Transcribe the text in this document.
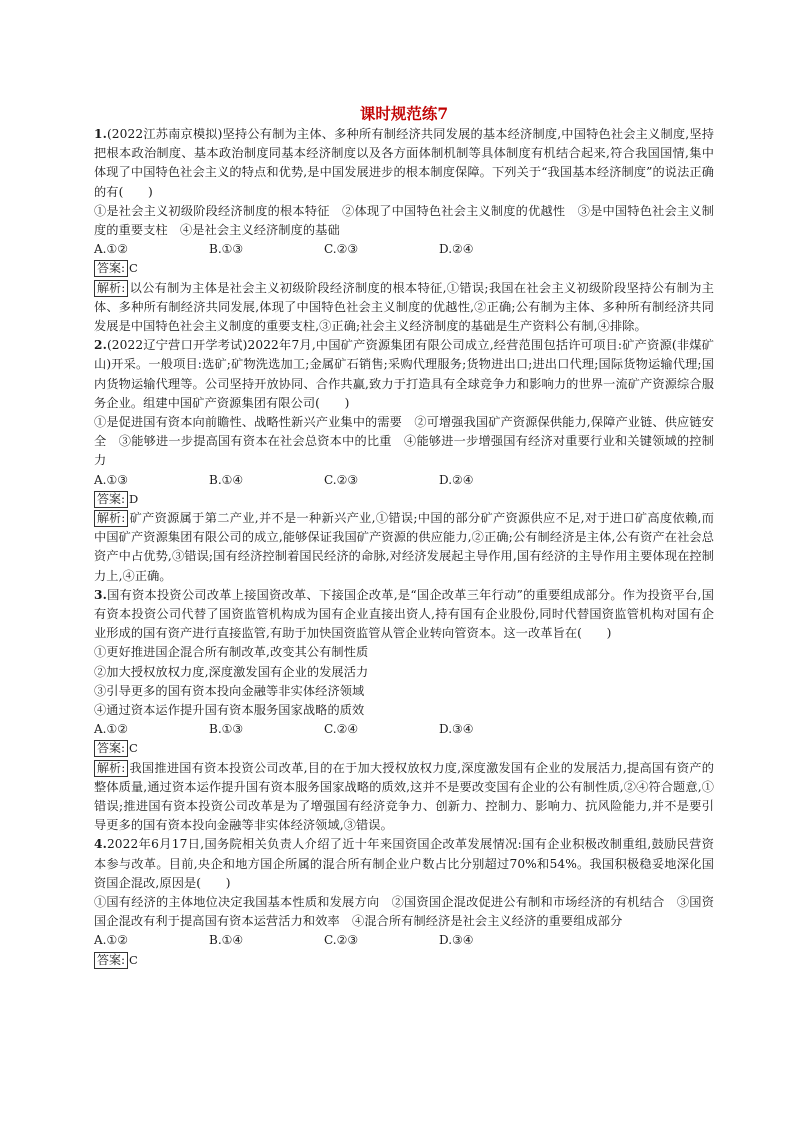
课时规范练7

1.(2022江苏南京模拟)坚持公有制为主体、多种所有制经济共同发展的基本经济制度,中国特色社会主义制度,坚持把根本政治制度、基本政治制度同基本经济制度以及各方面体制机制等具体制度有机结合起来,符合我国国情,集中体现了中国特色社会主义的特点和优势,是中国发展进步的根本制度保障。下列关于“我国基本经济制度”的说法正确的有(　　)

①是社会主义初级阶段经济制度的根本特征　②体现了中国特色社会主义制度的优越性　③是中国特色社会主义制度的重要支柱　④是社会主义经济制度的基础

A.①②	B.①③	C.②③	D.②④
答案: C

解析: 以公有制为主体是社会主义初级阶段经济制度的根本特征,①错误;我国在社会主义初级阶段坚持公有制为主体、多种所有制经济共同发展,体现了中国特色社会主义制度的优越性,②正确;公有制为主体、多种所有制经济共同发展是中国特色社会主义制度的重要支柱,③正确;社会主义经济制度的基础是生产资料公有制,④排除。

2.(2022辽宁营口开学考试)2022年7月,中国矿产资源集团有限公司成立,经营范围包括许可项目:矿产资源(非煤矿山)开采。一般项目:选矿;矿物洗选加工;金属矿石销售;采购代理服务;货物进出口;进出口代理;国际货物运输代理;国内货物运输代理等。公司坚持开放协同、合作共赢,致力于打造具有全球竞争力和影响力的世界一流矿产资源综合服务企业。组建中国矿产资源集团有限公司(　　)

①是促进国有资本向前瞻性、战略性新兴产业集中的需要　②可增强我国矿产资源保供能力,保障产业链、供应链安全　③能够进一步提高国有资本在社会总资本中的比重　④能够进一步增强国有经济对重要行业和关键领域的控制力

A.①③	B.①④	C.②③	D.②④
答案: D

解析: 矿产资源属于第二产业,并不是一种新兴产业,①错误;中国的部分矿产资源供应不足,对于进口矿高度依赖,而中国矿产资源集团有限公司的成立,能够保证我国矿产资源的供应能力,②正确;公有制经济是主体,公有资产在社会总资产中占优势,③错误;国有经济控制着国民经济的命脉,对经济发展起主导作用,国有经济的主导作用主要体现在控制力上,④正确。

3.国有资本投资公司改革上接国资改革、下接国企改革,是“国企改革三年行动”的重要组成部分。作为投资平台,国有资本投资公司代替了国资监管机构成为国有企业直接出资人,持有国有企业股份,同时代替国资监管机构对国有企业形成的国有资产进行直接监管,有助于加快国资监管从管企业转向管资本。这一改革旨在(　　)

①更好推进国企混合所有制改革,改变其公有制性质

②加大授权放权力度,深度激发国有企业的发展活力

③引导更多的国有资本投向金融等非实体经济领域

④通过资本运作提升国有资本服务国家战略的质效

A.①②	B.①③	C.②④	D.③④
答案: C

解析: 我国推进国有资本投资公司改革,目的在于加大授权放权力度,深度激发国有企业的发展活力,提高国有资产的整体质量,通过资本运作提升国有资本服务国家战略的质效,这并不是要改变国有企业的公有制性质,②④符合题意,①错误;推进国有资本投资公司改革是为了增强国有经济竞争力、创新力、控制力、影响力、抗风险能力,并不是要引导更多的国有资本投向金融等非实体经济领域,③错误。

4.2022年6月17日,国务院相关负责人介绍了近十年来国资国企改革发展情况:国有企业积极改制重组,鼓励民营资本参与改革。目前,央企和地方国企所属的混合所有制企业户数占比分别超过70%和54%。我国积极稳妥地深化国资国企混改,原因是(　　)

①国有经济的主体地位决定我国基本性质和发展方向　②国资国企混改促进公有制和市场经济的有机结合　③国资国企混改有利于提高国有资本运营活力和效率　④混合所有制经济是社会主义经济的重要组成部分

A.①②	B.①④	C.②③	D.③④
答案: C
